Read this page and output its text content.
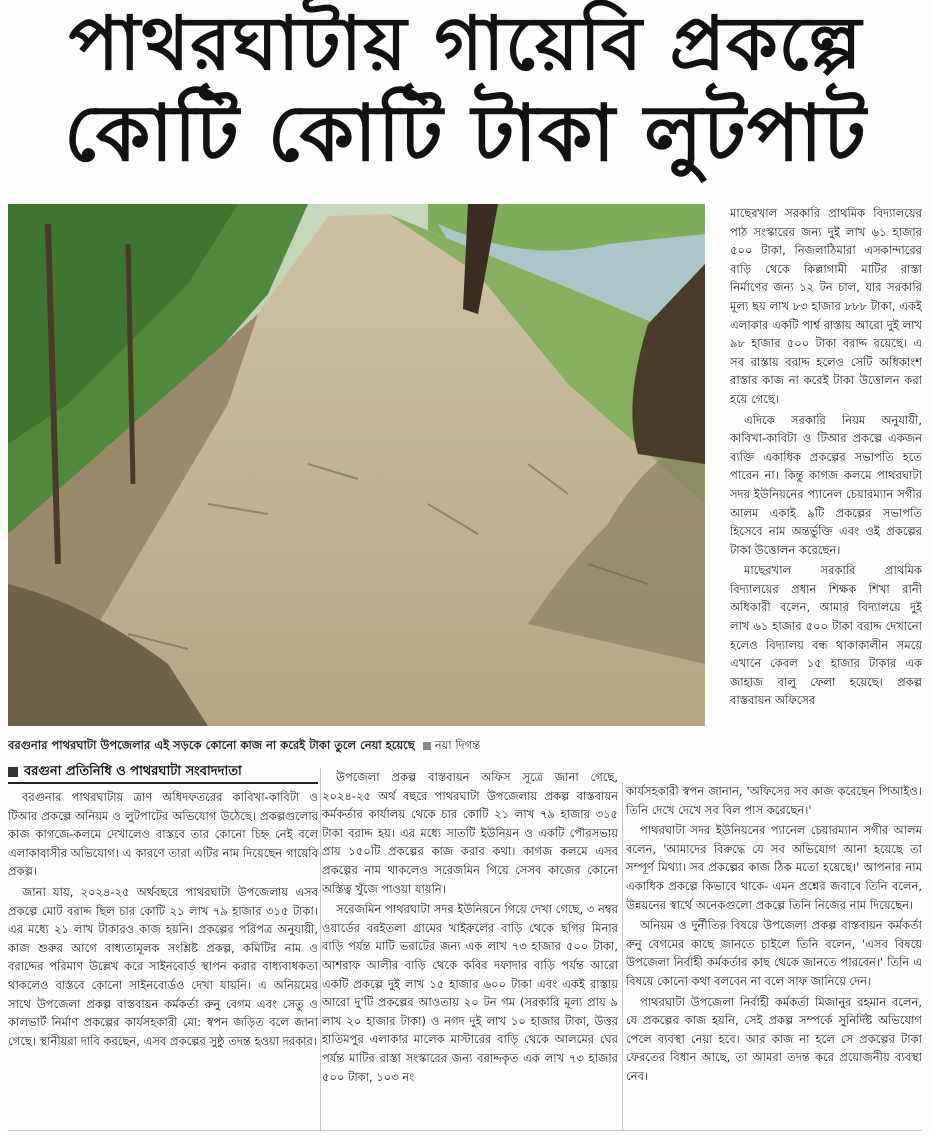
পাথরঘাটায় গায়েবি প্রকল্পে
কোটি কোটি টাকা লুটপাট
বরগুনার পাথরঘাটা উপজেলার এই সড়কে কোনো কাজ না করেই টাকা তুলে নেয়া হয়েছে নয়া দিগন্ত

মাছেরখাল সরকারি প্রাথমিক বিদ্যালয়ের পাঠ সংস্কারের জন্য দুই লাখ ৬১ হাজার ৫০০ টাকা, নিজলাঠিমারা এসকান্দারের বাড়ি থেকে কিল্লাগামী মাটির রাস্তা নির্মাণের জন্য ১২ টন চাল, যার সরকারি মূল্য ছয় লাখ ৮৩ হাজার ৮৮৮ টাকা, একই এলাকার একটি পার্শ্ব রাস্তায় আরো দুই লাখ ৯৮ হাজার ৫০০ টাকা বরাদ্দ রয়েছে। এ সব রাস্তায় বরাদ্দ হলেও সেটি অধিকাংশ রাস্তার কাজ না করেই টাকা উত্তোলন করা হয়ে গেছে।

এদিকে সরকারি নিয়ম অনুযায়ী, কাবিখা-কাবিটা ও টিআর প্রকল্পে একজন ব্যক্তি একাধিক প্রকল্পের সভাপতি হতে পারেন না। কিন্তু কাগজ কলমে পাথরঘাটা সদর ইউনিয়নের প্যানেল চেয়ারম্যান সগীর আলম একাই ৯টি প্রকল্পের সভাপতি হিসেবে নাম অন্তর্ভুক্তি এবং ওই প্রকল্পের টাকা উত্তোলন করেছেন।

মাছেরখাল সরকারি প্রাথমিক বিদ্যালয়ের প্রধান শিক্ষক শিখা রানী অধিকারী বলেন, আমার বিদ্যালয়ে দুই লাখ ৬১ হাজার ৫০০ টাকা বরাদ্দ দেখানো হলেও বিদ্যালয় বন্ধ থাকাকালীন সময়ে এখানে কেবল ১৫ হাজার টাকার এক জাহাজ বালু ফেলা হয়েছে। প্রকল্প বাস্তবায়ন অফিসের

বরগুনা প্রতিনিধি ও পাথরঘাটা সংবাদদাতা

বরগুনার পাথরঘাটায় ত্রাণ অধিদফতরের কাবিখা-কাবিটা ও টিআর প্রকল্পে অনিয়ম ও লুটপাটের অভিযোগ উঠেছে। প্রকল্পগুলোর কাজ কাগজে-কলমে দেখালেও বাস্তবে তার কোনো চিহ্ন নেই বলে এলাকাবাসীর অভিযোগ। এ কারণে তারা এটির নাম দিয়েছেন গায়েবি প্রকল্প।

জানা যায়, ২০২৪-২৫ অর্থবছরে পাথরঘাটা উপজেলায় এসব প্রকল্পে মোট বরাদ্দ ছিল চার কোটি ২১ লাখ ৭৯ হাজার ৩১৫ টাকা। এর মধ্যে ২১ লাখ টাকারও কাজ হয়নি। প্রকল্পের পরিপত্র অনুযায়ী, কাজ শুরুর আগে বাধ্যতামূলক সংশ্লিষ্ট প্রকল্প, কমিটির নাম ও বরাদ্দের পরিমাণ উল্লেখ করে সাইনবোর্ড স্থাপন করার বাধ্যবাধকতা থাকলেও বাস্তবে কোনো সাইনবোর্ডও দেখা যায়নি। এ অনিয়মের সাথে উপজেলা প্রকল্প বাস্তবায়ন কর্মকর্তা রুনু বেগম এবং সেতু ও কালভার্ট নির্মাণ প্রকল্পের কার্যসহকারী মো: স্বপন জড়িত বলে জানা গেছে। স্থানীয়রা দাবি করছেন, এসব প্রকল্পের সুষ্ঠু তদন্ত হওয়া দরকার।

উপজেলা প্রকল্প বাস্তবায়ন অফিস সূত্রে জানা গেছে, ২০২৪-২৫ অর্থ বছরে পাথরঘাটা উপজেলায় প্রকল্প বাস্তবায়ন কর্মকর্তার কার্যালয় থেকে চার কোটি ২১ লাখ ৭৯ হাজার ৩১৫ টাকা বরাদ্দ হয়। এর মধ্যে সাতটি ইউনিয়ন ও একটি পৌরসভায় প্রায় ১৫০টি প্রকল্পের কাজ করার কথা। কাগজ কলমে এসব প্রকল্পের নাম থাকলেও সরেজমিন গিয়ে সেসব কাজের কোনো অস্তিত্ব খুঁজে পাওয়া যায়নি।

সরেজমিন পাথরঘাটা সদর ইউনিয়নে গিয়ে দেখা গেছে, ৩ নম্বর ওয়ার্ডের বরইতলা গ্রামের খাইরুলের বাড়ি থেকে ছগির মিনার বাড়ি পর্যন্ত মাটি ভরাটের জন্য এক লাখ ৭৩ হাজার ৫০০ টাকা, আশরাফ আলীর বাড়ি থেকে কবির দফাদার বাড়ি পর্যন্ত আরো একটি প্রকল্পে দুই লাখ ১৫ হাজার ৬০০ টাকা এবং একই রাস্তায় আরো দু'টি প্রকল্পের আওতায় ২০ টন গম (সরকারি মূল্য প্রায় ৯ লাখ ২০ হাজার টাকা) ও নগদ দুই লাখ ১০ হাজার টাকা, উত্তর হাতিমপুর এলাকার মালেক মাস্টারের বাড়ি থেকে আলমের ঘের পর্যন্ত মাটির রাস্তা সংস্কারের জন্য বরাদ্দকৃত এক লাখ ৭৩ হাজার ৫০০ টাকা, ১০৩ নং

কার্যসহকারী স্বপন জানান, 'অফিসের সব কাজ করেছেন পিআইও। তিনি দেখে দেখে সব বিল পাস করেছেন।'

পাথরঘাটা সদর ইউনিয়নের প্যানেল চেয়ারম্যান সগীর আলম বলেন, 'আমাদের বিরুদ্ধে যে সব অভিযোগ আনা হয়েছে তা সম্পূর্ণ মিথ্যা। সব প্রকল্পের কাজ ঠিক মতো হয়েছে।' আপনার নাম একাধিক প্রকল্পে কিভাবে থাকে- এমন প্রশ্নের জবাবে তিনি বলেন, উন্নয়নের স্বার্থে অনেকগুলো প্রকল্পে তিনি নিজের নাম দিয়েছেন।

অনিয়ম ও দুর্নীতির বিষয়ে উপজেলা প্রকল্প বাস্তবায়ন কর্মকর্তা রুনু বেগমের কাছে জানতে চাইলে তিনি বলেন, 'এসব বিষয়ে উপজেলা নির্বাহী কর্মকর্তার কাছ থেকে জানতে পারবেন।' তিনি এ বিষয়ে কোনো কথা বলবেন না বলে সাফ জানিয়ে দেন।

পাথরঘাটা উপজেলা নির্বাহী কর্মকর্তা মিজানুর রহমান বলেন, যে প্রকল্পের কাজ হয়নি, সেই প্রকল্প সম্পর্কে সুনির্দিষ্ট অভিযোগ পেলে ব্যবস্থা নেয়া হবে। আর কাজ না হলে সে প্রকল্পের টাকা ফেরতের বিধান আছে, তা আমরা তদন্ত করে প্রয়োজনীয় ব্যবস্থা নেব।
